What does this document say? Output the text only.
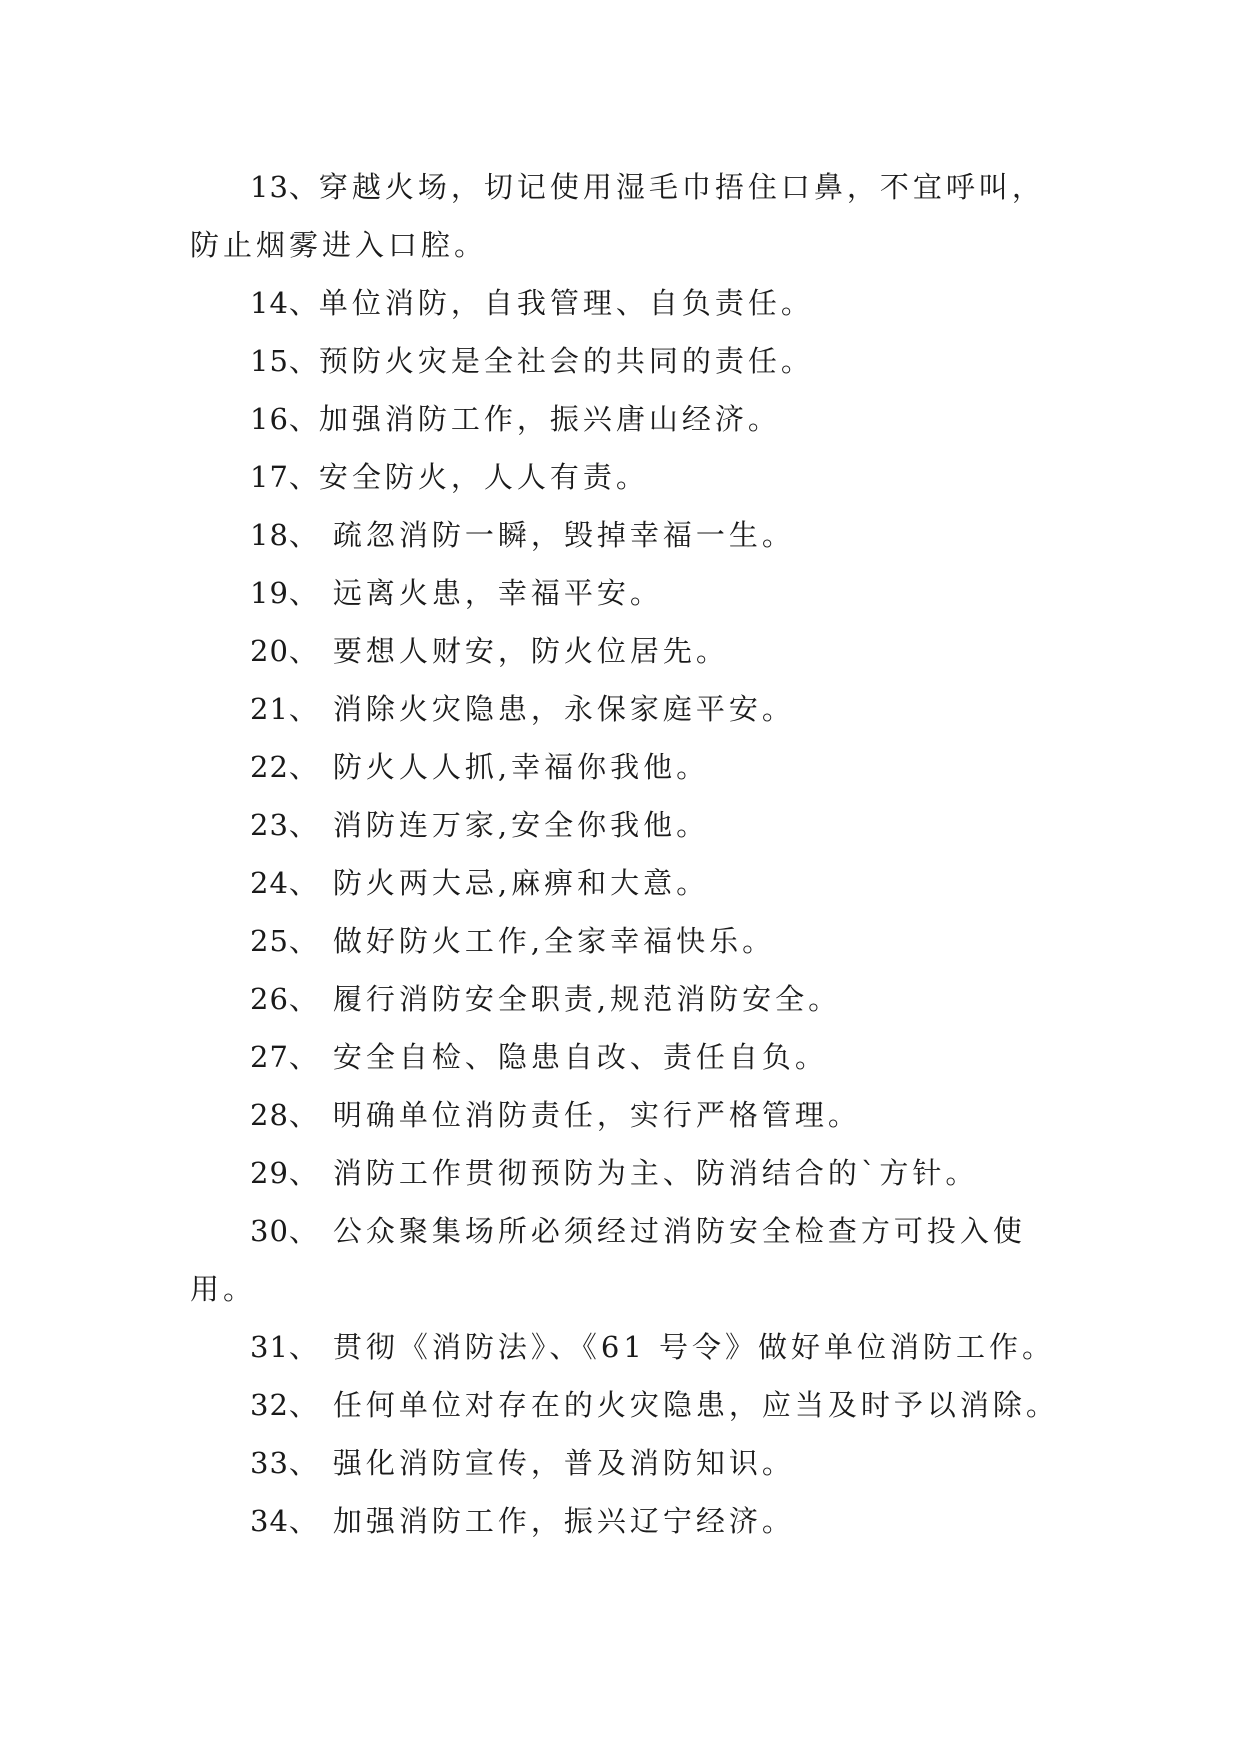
13、穿越火场，切记使用湿毛巾捂住口鼻，不宜呼叫，
防止烟雾进入口腔。
14、单位消防，自我管理、自负责任。
15、预防火灾是全社会的共同的责任。
16、加强消防工作，振兴唐山经济。
17、安全防火，人人有责。
18、 疏忽消防一瞬，毁掉幸福一生。
19、 远离火患，幸福平安。
20、 要想人财安，防火位居先。
21、 消除火灾隐患，永保家庭平安。
22、 防火人人抓,幸福你我他。
23、 消防连万家,安全你我他。
24、 防火两大忌,麻痹和大意。
25、 做好防火工作,全家幸福快乐。
26、 履行消防安全职责,规范消防安全。
27、 安全自检、隐患自改、责任自负。
28、 明确单位消防责任，实行严格管理。
29、 消防工作贯彻预防为主、防消结合的`方针。
30、 公众聚集场所必须经过消防安全检查方可投入使
用。
31、 贯彻《消防法》、《61 号令》做好单位消防工作。
32、 任何单位对存在的火灾隐患，应当及时予以消除。
33、 强化消防宣传，普及消防知识。
34、 加强消防工作，振兴辽宁经济。
